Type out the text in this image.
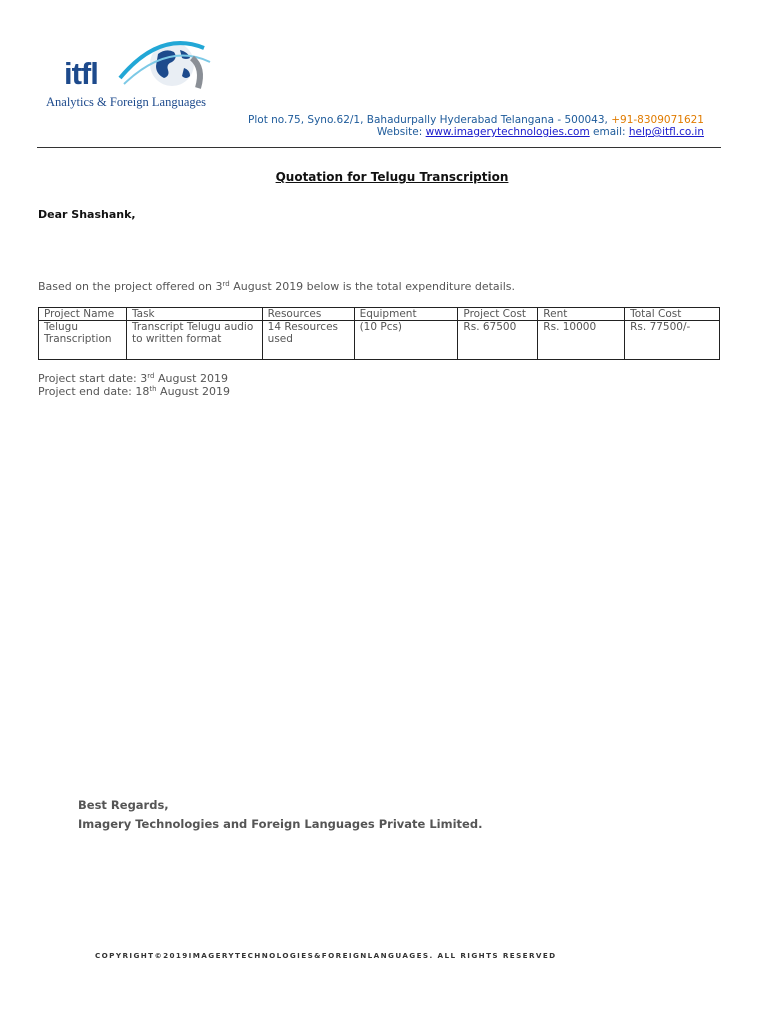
itfl
Analytics & Foreign Languages
Plot no.75, Syno.62/1, Bahadurpally Hyderabad Telangana - 500043, +91-8309071621
Website: www.imagerytechnologies.com email: help@itfl.co.in
Quotation for Telugu Transcription
Dear Shashank,
Based on the project offered on 3rd August 2019 below is the total expenditure details.
Project Name	Task	Resources	Equipment	Project Cost	Rent	Total Cost
Telugu Transcription	Transcript Telugu audio to written format	14 Resources used	(10 Pcs)	Rs. 67500	Rs. 10000	Rs. 77500/-
Project start date: 3rd August 2019
Project end date: 18th August 2019
Best Regards,
Imagery Technologies and Foreign Languages Private Limited.
COPYRIGHT©2019IMAGERYTECHNOLOGIES&FOREIGNLANGUAGES. ALL RIGHTS RESERVED
